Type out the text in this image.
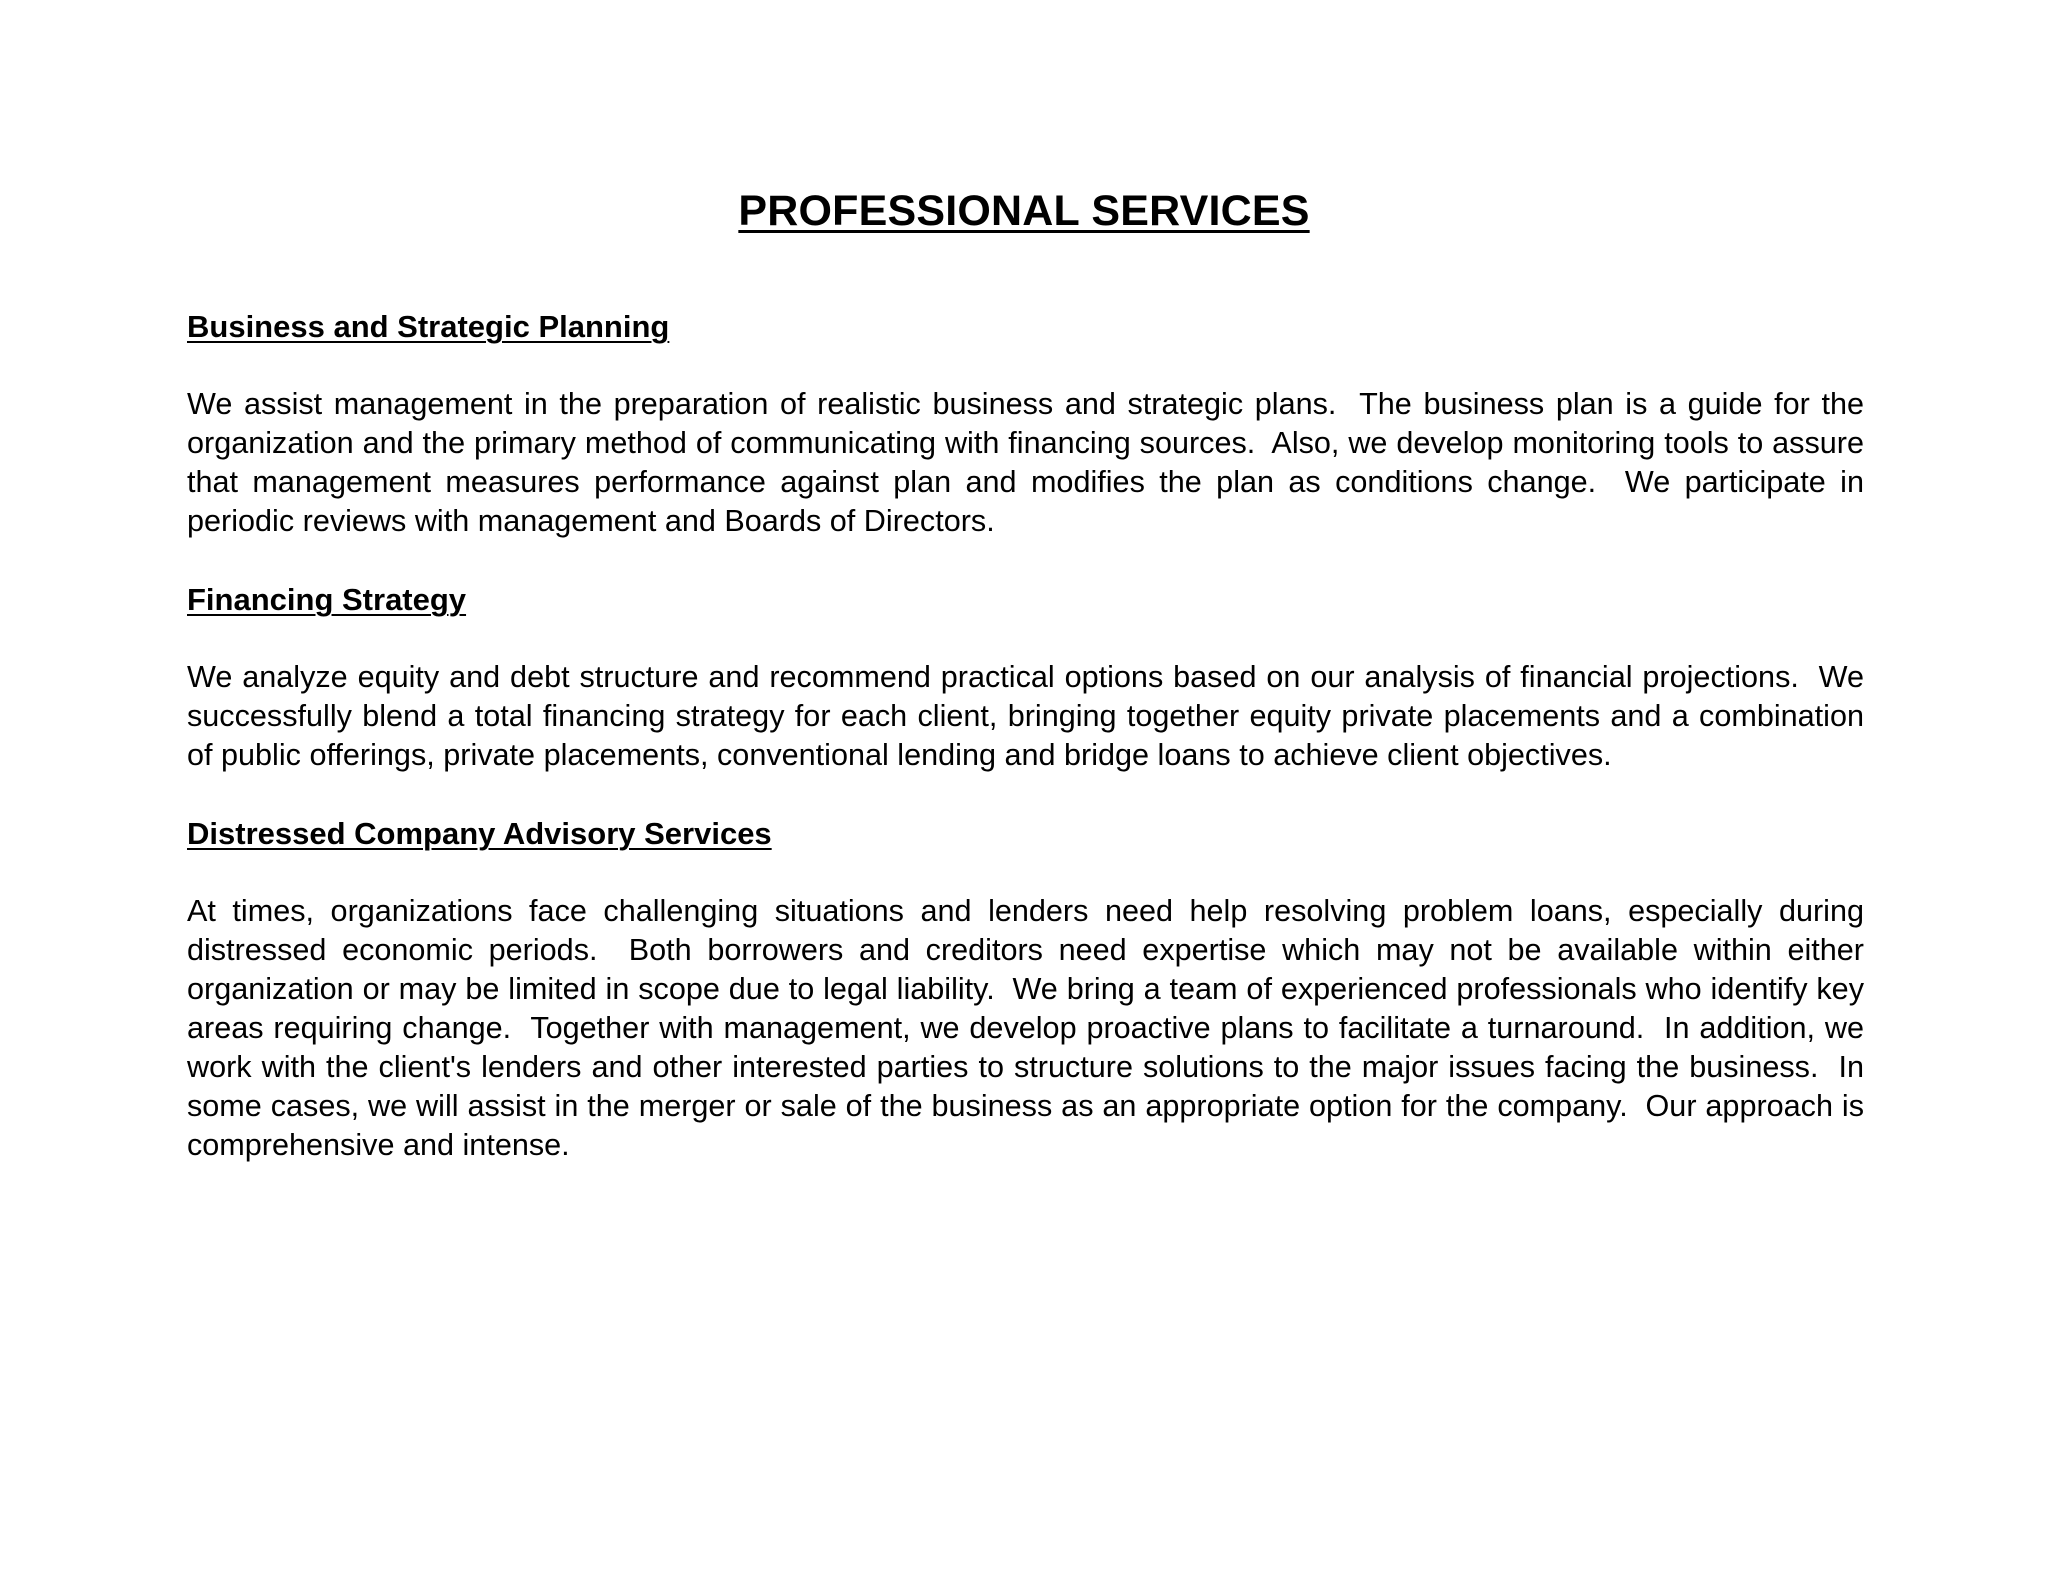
PROFESSIONAL SERVICES
Business and Strategic Planning

We assist management in the preparation of realistic business and strategic plans.  The business plan is a guide for the organization and the primary method of communicating with financing sources.  Also, we develop monitoring tools to assure that management measures performance against plan and modifies the plan as conditions change.  We participate in periodic reviews with management and Boards of Directors.

Financing Strategy

We analyze equity and debt structure and recommend practical options based on our analysis of financial projections.  We successfully blend a total financing strategy for each client, bringing together equity private placements and a combination of public offerings, private placements, conventional lending and bridge loans to achieve client objectives.

Distressed Company Advisory Services

At times, organizations face challenging situations and lenders need help resolving problem loans, especially during distressed economic periods.  Both borrowers and creditors need expertise which may not be available within either organization or may be limited in scope due to legal liability.  We bring a team of experienced professionals who identify key areas requiring change.  Together with management, we develop proactive plans to facilitate a turnaround.  In addition, we work with the client's lenders and other interested parties to structure solutions to the major issues facing the business.  In some cases, we will assist in the merger or sale of the business as an appropriate option for the company.  Our approach is comprehensive and intense.
